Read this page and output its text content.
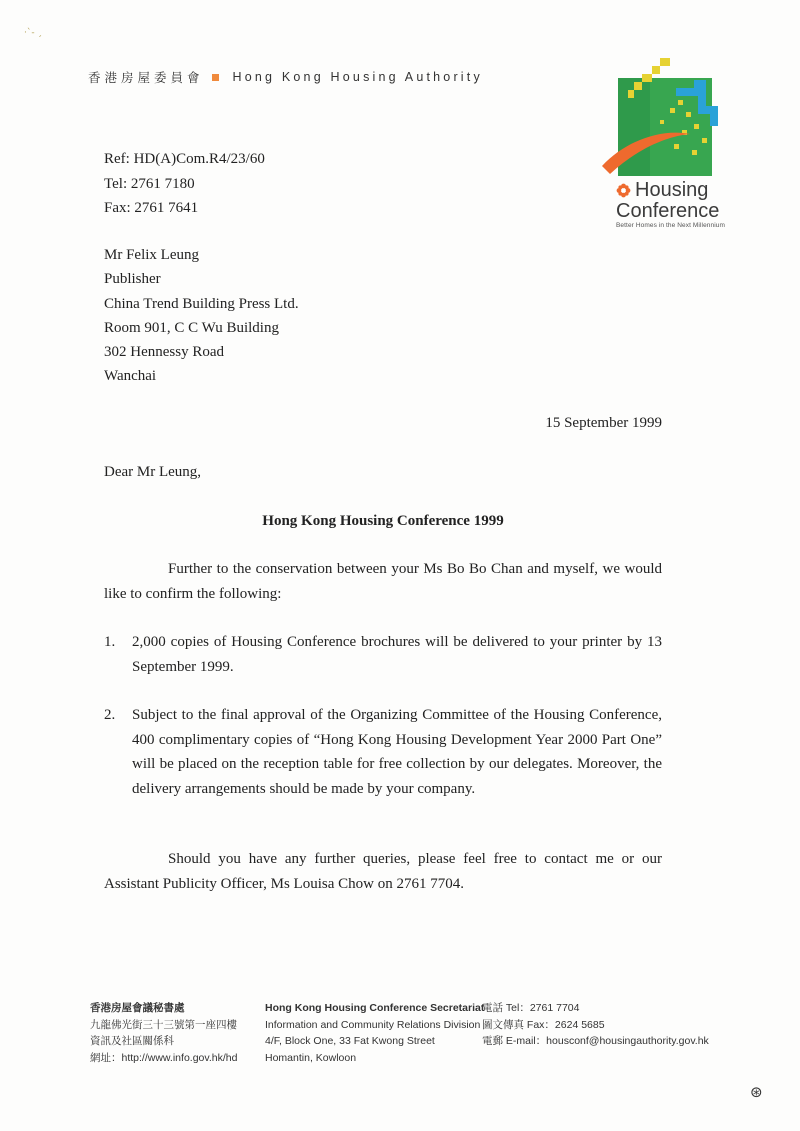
·`‐ ˏ
香港房屋委員會 Hong Kong Housing Authority
Housing
Conference
Better Homes in the Next Millennium
Ref: HD(A)Com.R4/23/60
Tel: 2761 7180
Fax: 2761 7641
Mr Felix Leung
Publisher
China Trend Building Press Ltd.
Room 901, C C Wu Building
302 Hennessy Road
Wanchai
15 September 1999
Dear Mr Leung,
Hong Kong Housing Conference 1999

Further to the conservation between your Ms Bo Bo Chan and myself, we would like to confirm the following:

1.	2,000 copies of Housing Conference brochures will be delivered to your printer by 13 September 1999.
2.	Subject to the final approval of the Organizing Committee of the Housing Conference, 400 complimentary copies of “Hong Kong Housing Development Year 2000 Part One” will be placed on the reception table for free collection by our delegates. Moreover, the delivery arrangements should be made by your company.

Should you have any further queries, please feel free to contact me or our Assistant Publicity Officer, Ms Louisa Chow on 2761 7704.

香港房屋會議秘書處
九龍佛光街三十三號第一座四樓
資訊及社區關係科
網址：http://www.info.gov.hk/hd
Hong Kong Housing Conference Secretariat
Information and Community Relations Division
4/F, Block One, 33 Fat Kwong Street
Homantin, Kowloon
電話 Tel：2761 7704
圖文傳真 Fax：2624 5685
電郵 E-mail：housconf@housingauthority.gov.hk
⊛
